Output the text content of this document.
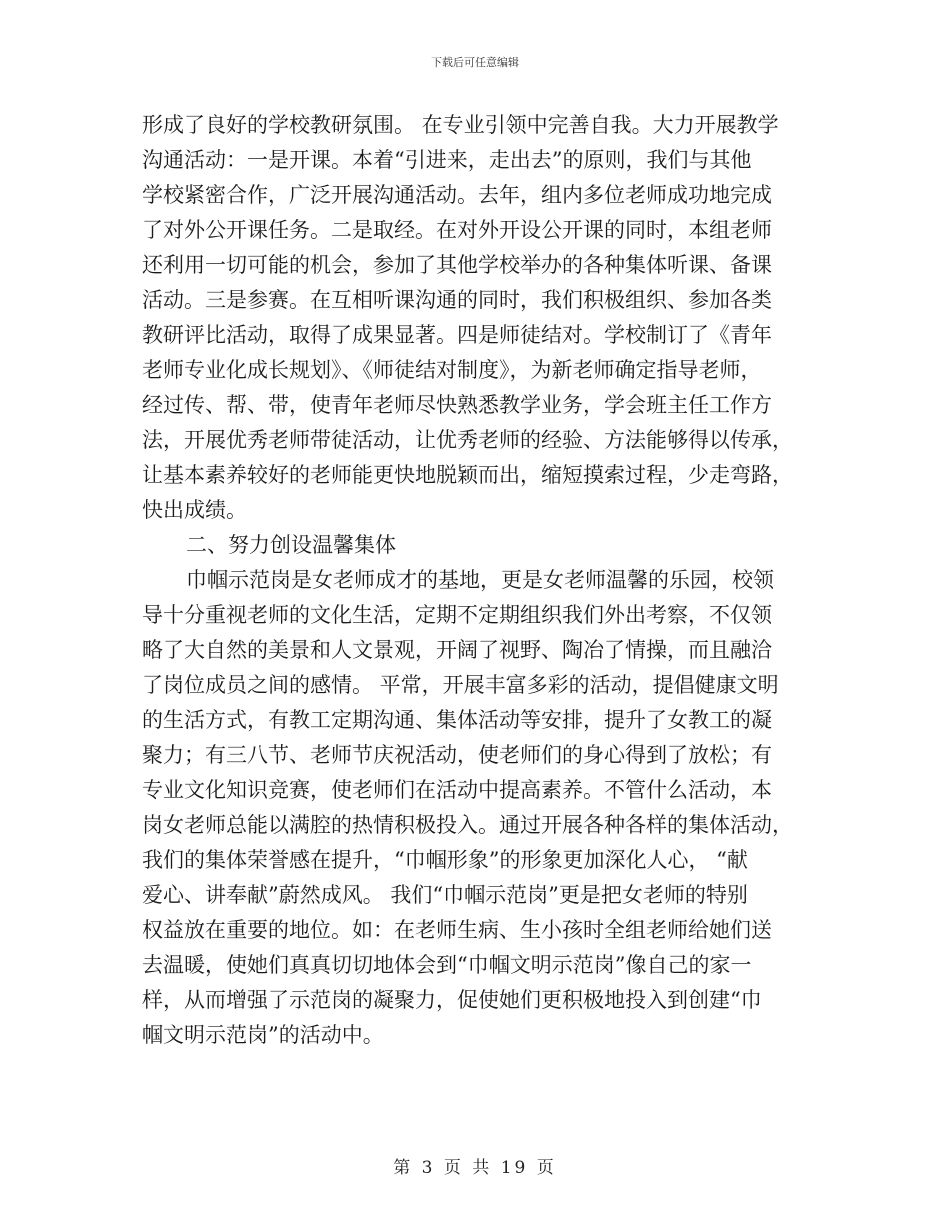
下载后可任意编辑
形成了良好的学校教研氛围。 在专业引领中完善自我。大力开展教学
沟通活动：一是开课。本着“引进来，走出去”的原则，我们与其他
学校紧密合作，广泛开展沟通活动。去年，组内多位老师成功地完成
了对外公开课任务。二是取经。在对外开设公开课的同时，本组老师
还利用一切可能的机会，参加了其他学校举办的各种集体听课、备课
活动。三是参赛。在互相听课沟通的同时，我们积极组织、参加各类
教研评比活动，取得了成果显著。四是师徒结对。学校制订了《青年
老师专业化成长规划》、《师徒结对制度》，为新老师确定指导老师，
经过传、帮、带，使青年老师尽快熟悉教学业务，学会班主任工作方
法，开展优秀老师带徒活动，让优秀老师的经验、方法能够得以传承，
让基本素养较好的老师能更快地脱颖而出，缩短摸索过程，少走弯路，
快出成绩。
二、努力创设温馨集体
巾帼示范岗是女老师成才的基地，更是女老师温馨的乐园，校领
导十分重视老师的文化生活，定期不定期组织我们外出考察，不仅领
略了大自然的美景和人文景观，开阔了视野、陶冶了情操，而且融洽
了岗位成员之间的感情。 平常，开展丰富多彩的活动，提倡健康文明
的生活方式，有教工定期沟通、集体活动等安排，提升了女教工的凝
聚力；有三八节、老师节庆祝活动，使老师们的身心得到了放松；有
专业文化知识竞赛，使老师们在活动中提高素养。不管什么活动，本
岗女老师总能以满腔的热情积极投入。通过开展各种各样的集体活动，
我们的集体荣誉感在提升，“巾帼形象”的形象更加深化人心， “献
爱心、讲奉献”蔚然成风。 我们“巾帼示范岗”更是把女老师的特别
权益放在重要的地位。如：在老师生病、生小孩时全组老师给她们送
去温暖，使她们真真切切地体会到“巾帼文明示范岗”像自己的家一
样，从而增强了示范岗的凝聚力，促使她们更积极地投入到创建“巾
帼文明示范岗”的活动中。
第 3 页 共 19 页
